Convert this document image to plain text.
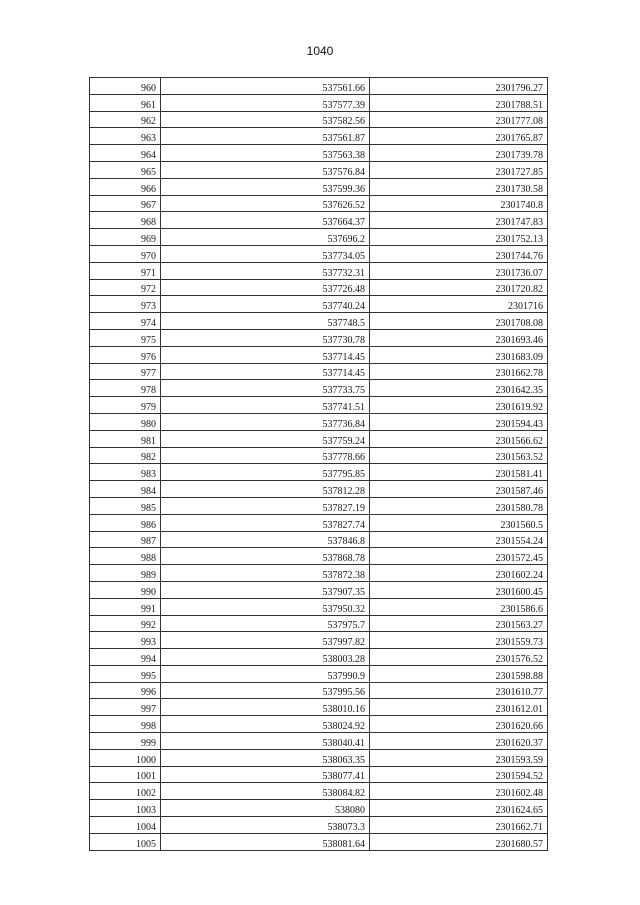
1040
960	537561.66	2301796.27
961	537577.39	2301788.51
962	537582.56	2301777.08
963	537561.87	2301765.87
964	537563.38	2301739.78
965	537576.84	2301727.85
966	537599.36	2301730.58
967	537626.52	2301740.8
968	537664.37	2301747.83
969	537696.2	2301752.13
970	537734.05	2301744.76
971	537732.31	2301736.07
972	537726.48	2301720.82
973	537740.24	2301716
974	537748.5	2301708.08
975	537730.78	2301693.46
976	537714.45	2301683.09
977	537714.45	2301662.78
978	537733.75	2301642.35
979	537741.51	2301619.92
980	537736.84	2301594.43
981	537759.24	2301566.62
982	537778.66	2301563.52
983	537795.85	2301581.41
984	537812.28	2301587.46
985	537827.19	2301580.78
986	537827.74	2301560.5
987	537846.8	2301554.24
988	537868.78	2301572.45
989	537872.38	2301602.24
990	537907.35	2301600.45
991	537950.32	2301586.6
992	537975.7	2301563.27
993	537997.82	2301559.73
994	538003.28	2301576.52
995	537990.9	2301598.88
996	537995.56	2301610.77
997	538010.16	2301612.01
998	538024.92	2301620.66
999	538040.41	2301620.37
1000	538063.35	2301593.59
1001	538077.41	2301594.52
1002	538084.82	2301602.48
1003	538080	2301624.65
1004	538073.3	2301662.71
1005	538081.64	2301680.57
